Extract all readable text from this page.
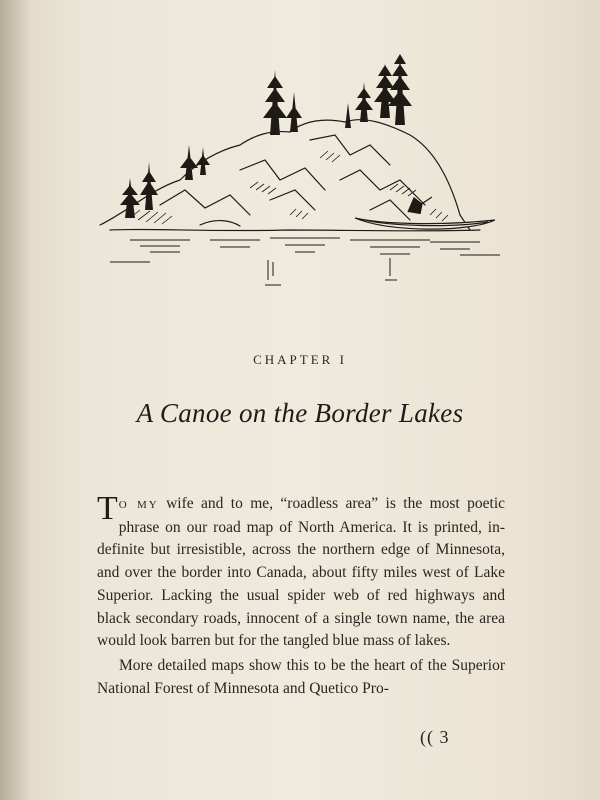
CHAPTER I
A Canoe on the Border Lakes

T O MY wife and to me, “roadless area” is the most poetic phrase on our road map of North America. It is printed, indefinite but irresistible, across the northern edge of Minnesota, and over the border into Canada, about fifty miles west of Lake Superior. Lacking the usual spider web of red highways and black secondary roads, innocent of a single town name, the area would look barren but for the tangled blue mass of lakes.

More detailed maps show this to be the heart of the Superior National Forest of Minnesota and Quetico Pro-

(( 3
